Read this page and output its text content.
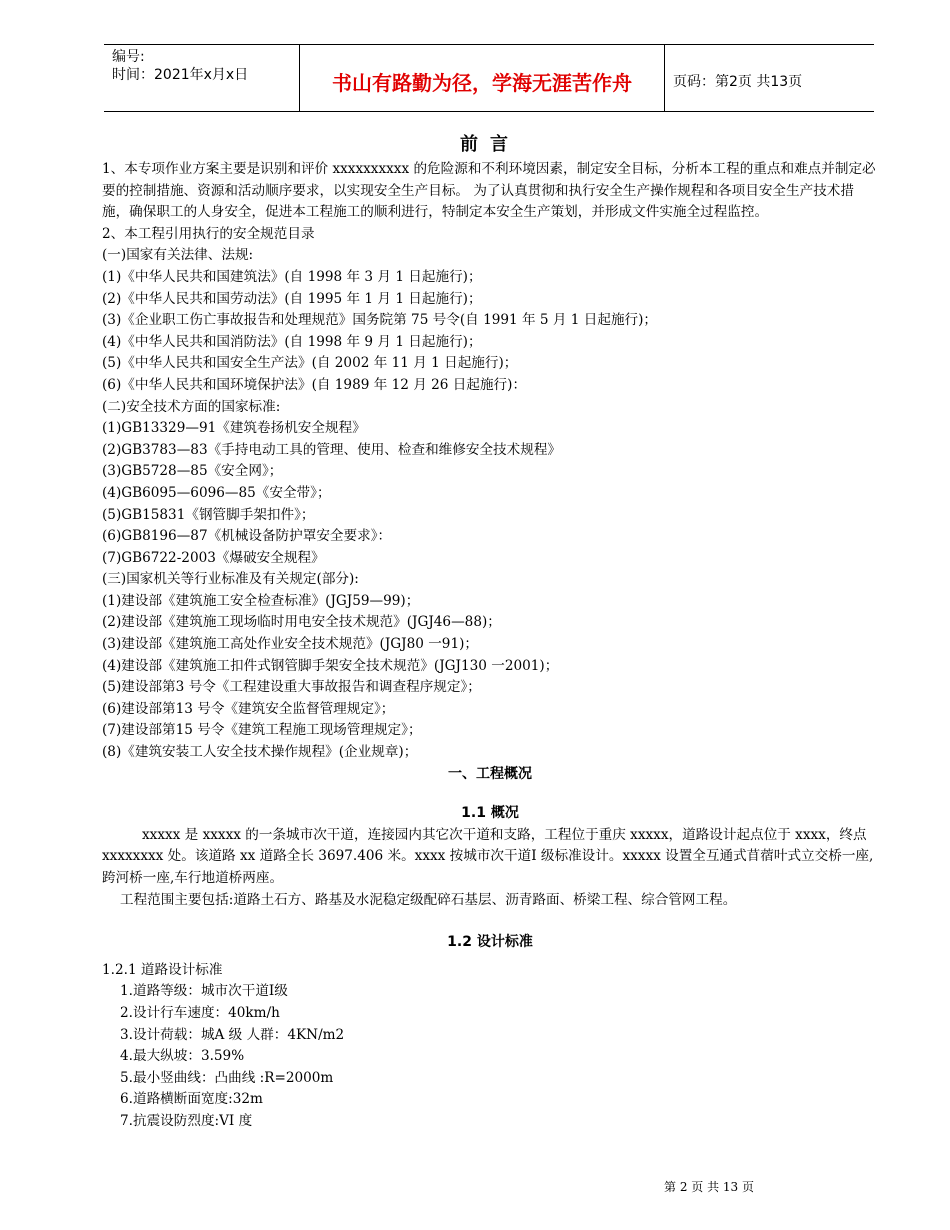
编号:
时间：2021年x月x日	书山有路勤为径，学海无涯苦作舟	页码：第2页 共13页
前言

1、本专项作业方案主要是识别和评价 xxxxxxxxxx 的危险源和不利环境因素，制定安全目标，分析本工程的重点和难点并制定必要的控制措施、资源和活动顺序要求，以实现安全生产目标。 为了认真贯彻和执行安全生产操作规程和各项目安全生产技术措施，确保职工的人身安全，促进本工程施工的顺利进行，特制定本安全生产策划，并形成文件实施全过程监控。

2、本工程引用执行的安全规范目录

(一)国家有关法律、法规:

(1)《中华人民共和国建筑法》(自 1998 年 3 月 1 日起施行)；

(2)《中华人民共和国劳动法》(自 1995 年 1 月 1 日起施行)；

(3)《企业职工伤亡事故报告和处理规范》国务院第 75 号令(自 1991 年 5 月 1 日起施行)；

(4)《中华人民共和国消防法》(自 1998 年 9 月 1 日起施行)；

(5)《中华人民共和国安全生产法》(自 2002 年 11 月 1 日起施行)；

(6)《中华人民共和国环境保护法》(自 1989 年 12 月 26 日起施行)：

(二)安全技术方面的国家标准:

(1)GB13329—91《建筑卷扬机安全规程》

(2)GB3783—83《手持电动工具的管理、使用、检查和维修安全技术规程》

(3)GB5728—85《安全网》；

(4)GB6095—6096—85《安全带》；

(5)GB15831《钢管脚手架扣件》；

(6)GB8196—87《机械设备防护罩安全要求》：

(7)GB6722-2003《爆破安全规程》

(三)国家机关等行业标准及有关规定(部分):

(1)建设部《建筑施工安全检查标准》(JGJ59—99)；

(2)建设部《建筑施工现场临时用电安全技术规范》(JGJ46—88)；

(3)建设部《建筑施工高处作业安全技术规范》(JGJ80 一91)；

(4)建设部《建筑施工扣件式钢管脚手架安全技术规范》(JGJ130 一2001)；

(5)建设部第3 号令《工程建设重大事故报告和调查程序规定》；

(6)建设部第13 号令《建筑安全监督管理规定》；

(7)建设部第15 号令《建筑工程施工现场管理规定》；

(8)《建筑安装工人安全技术操作规程》(企业规章)；

一、工程概况

1.1 概况

xxxxx 是 xxxxx 的一条城市次干道，连接园内其它次干道和支路，工程位于重庆 xxxxx，道路设计起点位于 xxxx，终点 xxxxxxxx 处。该道路 xx 道路全长 3697.406 米。xxxx 按城市次干道Ⅰ 级标准设计。xxxxx 设置全互通式苜蓿叶式立交桥一座,跨河桥一座,车行地道桥两座。

工程范围主要包括:道路土石方、路基及水泥稳定级配碎石基层、沥青路面、桥梁工程、综合管网工程。

1.2 设计标准

1.2.1 道路设计标准

1.道路等级：城市次干道Ⅰ级

2.设计行车速度：40km/h

3.设计荷载：城A 级 人群：4KN/m2

4.最大纵坡：3.59%

5.最小竖曲线：凸曲线 :R=2000m

6.道路横断面宽度:32m

7.抗震设防烈度:VI 度

第 2 页 共 13 页
